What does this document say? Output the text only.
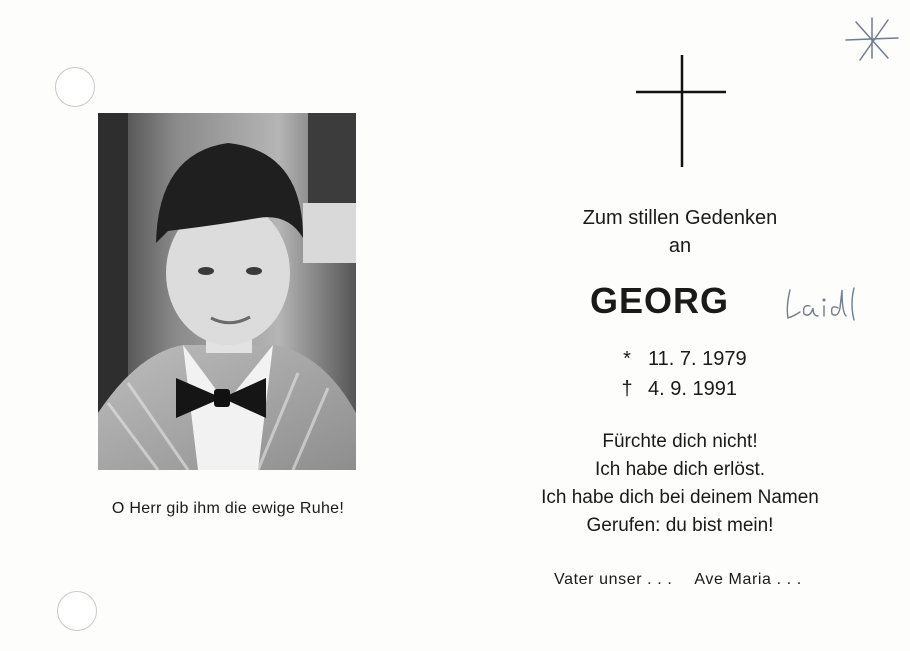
O Herr gib ihm die ewige Ruhe!
Zum stillen Gedenken
an
GEORG
* 11. 7. 1979
† 4. 9. 1991
Fürchte dich nicht!
Ich habe dich erlöst.
Ich habe dich bei deinem Namen
Gerufen: du bist mein!
Vater unser . . . Ave Maria . . .
